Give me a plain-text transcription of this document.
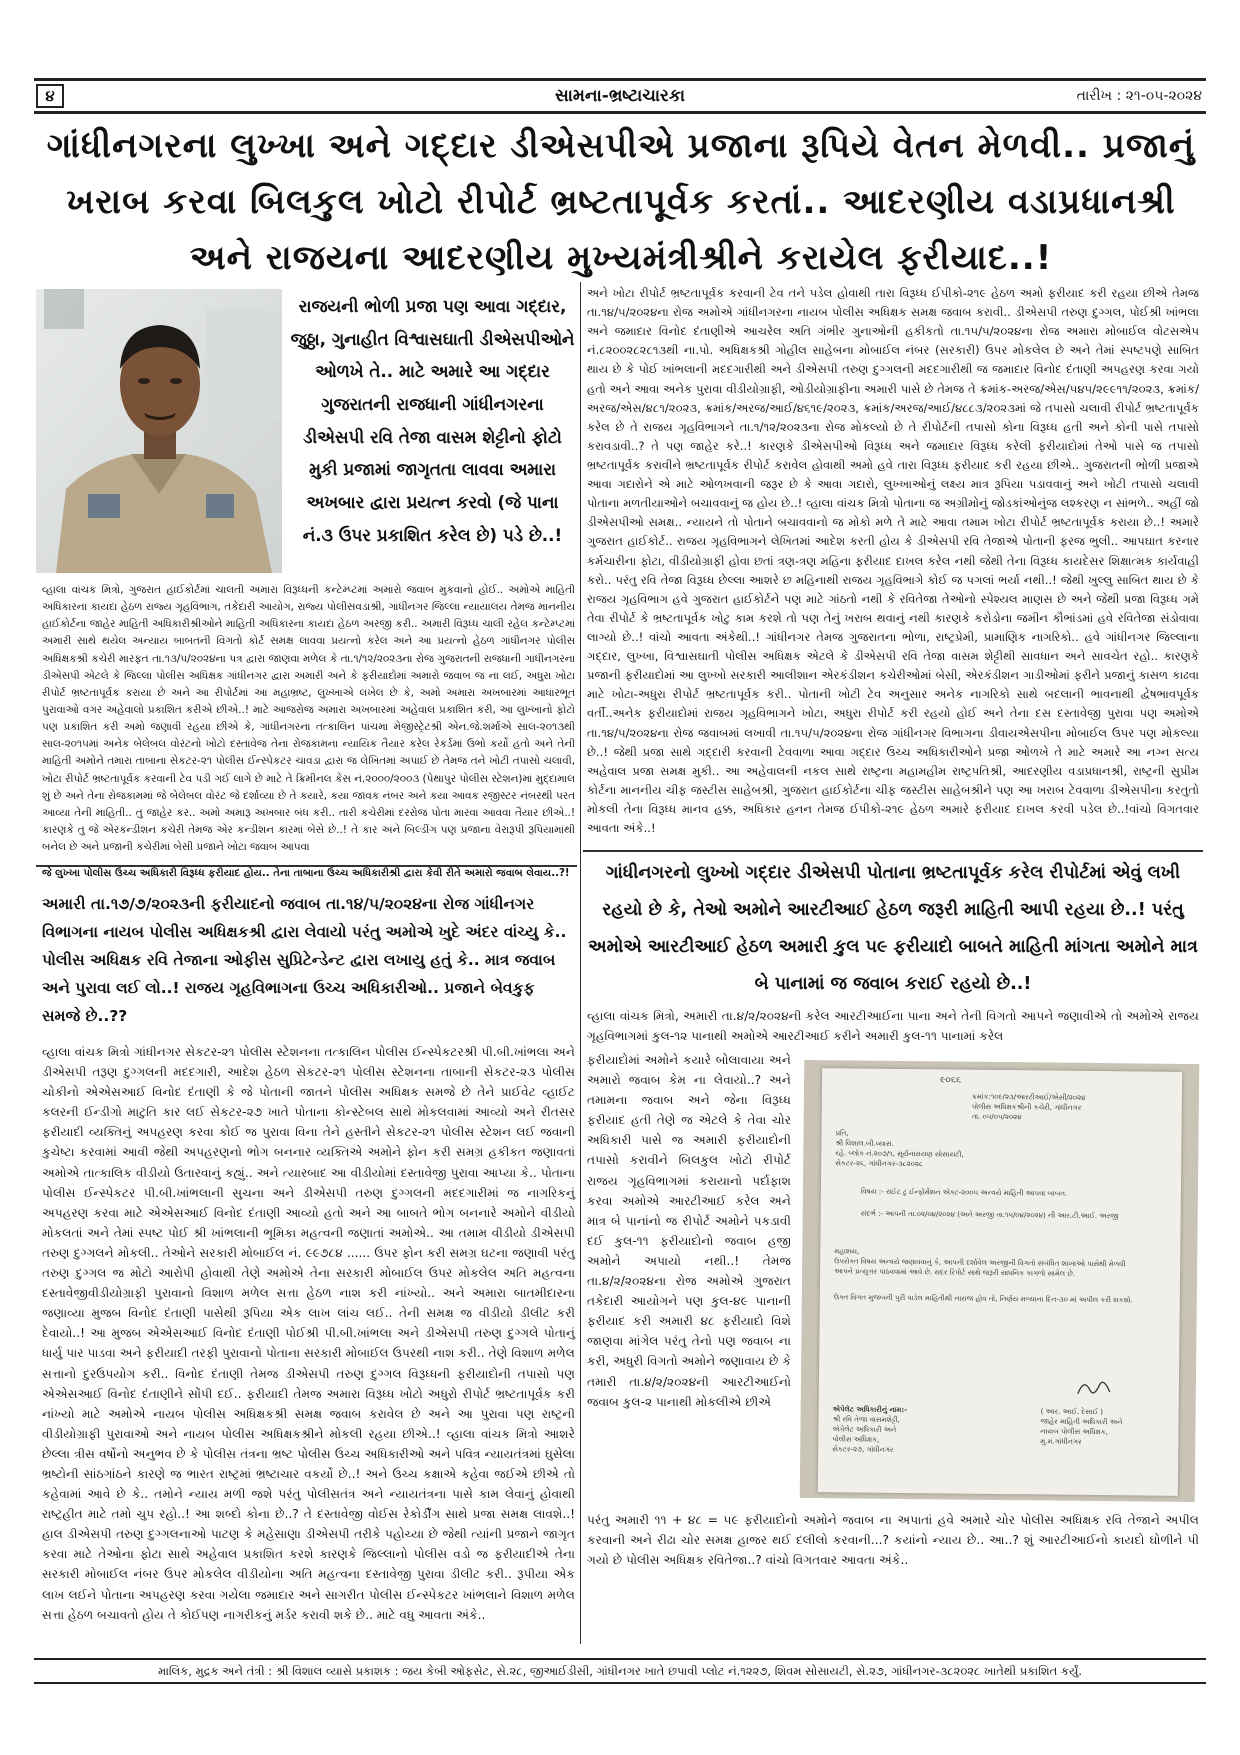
૪	સામના-ભ્રષ્ટાચારકા	તારીખ : ૨૧-૦૫-૨૦૨૪
ગાંધીનગરના લુખ્ખા અને ગદ્દાર ડીએસપીએ પ્રજાના રૂપિયે વેતન મેળવી.. પ્રજાનું
ખરાબ કરવા બિલકુલ ખોટો રીપોર્ટ ભ્રષ્ટતાપૂર્વક કરતાં.. આદરણીય વડાપ્રધાનશ્રી
અને રાજયના આદરણીય મુખ્યમંત્રીશ્રીને કરાયેલ ફરીયાદ..!
રાજયની ભોળી પ્રજા પણ આવા ગદ્દાર, જુઠ્ઠા, ગુનાહીત વિશ્વાસઘાતી ડીએસપીઓને ઓળખે તે.. માટે અમારે આ ગદ્દાર ગુજરાતની રાજધાની ગાંધીનગરના ડીએસપી રવિ તેજા વાસમ શેટ્ટીનો ફોટો મુકી પ્રજામાં જાગૃતતા લાવવા અમારા અખબાર દ્વારા પ્રયત્ન કરવો (જે પાના નં.૩ ઉપર પ્રકાશિત કરેલ છે) પડે છે..!
વ્હાલા વાંચક મિત્રો, ગુજરાત હાઈકોર્ટમાં ચાલતી અમારા વિરૂધ્ધની કન્ટેમ્પ્ટમાં અમારો જવાબ મુકવાનો હોઈ.. અમોએ માહિતી અધિકારના કાયદા હેઠળ રાજ્ય ગૃહવિભાગ, તકેદારી આયોગ, રાજ્ય પોલીસવડાશ્રી, ગાંધીનગર જિલ્લા ન્યાયાલય તેમજ માનનીય હાઈકોર્ટના જાહેર માહિતી અધિકારીશ્રીઓને માહિતી અધિકારના કાયદા હેઠળ અરજી કરી.. અમારી વિરૂધ્ધ ચાલી રહેલ કન્ટેમ્પ્ટમાં અમારી સાથે થયેલ અન્યાય બાબતની વિગતો કોર્ટ સમક્ષ લાવવા પ્રયત્નો કરેલ અને આ પ્રયત્નો હેઠળ ગાંધીનગર પોલીસ અધિક્ષકશ્રી કચેરી મારફત તા.૧૩/૫/૨૦૨૪ના પત્ર દ્વારા જાણવા મળેલ કે તા.૧/૧૨/૨૦૨૩ના રોજ ગુજરાતની રાજધાની ગાંધીનગરના ડીએસપી એટલે કે જિલ્લા પોલીસ અધિક્ષક ગાંધીનગર દ્વારા અમારી અને કે ફરીયાદોમાં અમારો જવાબ જ ના લઈ, અધુરા ખોટા રીપોર્ટ ભ્રષ્ટતાપૂર્વક કરાયા છે અને આ રીપોર્ટમાં આ મહાભ્રષ્ટ, લુખ્ખાએ લખેલ છે કે, અમો અમારા અખબારમાં આધારભૂત પુરાવાઓ વગર અહેવાલો પ્રકાશિત કરીએ છીએ..! માટે આજરોજ અમારા અખબારમાં અહેવાલ પ્રકાશિત કરી, આ લુખ્ખાનો ફોટો પણ પ્રકાશિત કરી અમો જણાવી રહયા છીએ કે, ગાંધીનગરના તત્કાલિન પાંચમા મેજીસ્ટ્રેટશ્રી એન.જે.શર્માએ સાલ-૨૦૧૩થી સાલ-૨૦૧૫માં અનેક બેલેબલ વોરંટનો ખોટો દસ્તાવેજ તેના રોજકામના ન્યાયિક તૈયાર કરેલ રેકર્ડમાં ઉભો કર્યો હતો અને તેની માહિતી અમોને તમારા તાબાના સેકટર-૨૧ પોલીસ ઈન્સ્પેકટર ચાવડા દ્વારા જ લેખિતમાં અપાઈ છે તેમજ તને ખોટી તપાસો ચલાવી, ખોટા રીપોર્ટ ભ્રષ્ટતાપૂર્વક કરવાની ટેવ પડી ગઈ લાગે છે માટે તે ક્રિમીનલ કેસ નં.૨૦૦૦/૨૦૦૩ (પેથાપુર પોલીસ સ્ટેશન)માં મુદ્દામાલ શું છે અને તેના રોજકામમાં જે બેલેબલ વોરંટ જે દર્શાવ્યા છે તે કયારે, કયા જાવક નંબર અને કયા આવક રજીસ્ટર નંબરથી પરત આવ્યા તેની માહિતી.. તુ જાહેર કર.. અમો અમારૂ અખબાર બંધ કરી.. તારી કચેરીમાં દરરોજ પોતા મારવા આવવા તૈયાર છીએ..! કારણકે તુ જે એરકન્ડીશન કચેરી તેમજ એર કન્ડીશન કારમાં બેસે છે..! તે કાર અને બિલ્ડીંગ પણ પ્રજાના વેરારૂપી રૂપિયામાંથી બનેલ છે અને પ્રજાની કચેરીમાં બેસી પ્રજાને ખોટા જવાબ આપવા
જે લુખ્ખા પોલીસ ઉચ્ચ અધિકારી વિરૂધ્ધ ફરીયાદ હોય.. તેના તાબાના ઉચ્ચ અધિકારીશ્રી દ્વારા કેવી રીતે અમારો જવાબ લેવાય..?!
અમારી તા.૧૭/૭/૨૦૨૩ની ફરીયાદનો જવાબ તા.૧૪/૫/૨૦૨૪ના રોજ ગાંધીનગર વિભાગના નાયબ પોલીસ અધિક્ષકશ્રી દ્વારા લેવાયો પરંતુ અમોએ ખુદે અંદર વાંચ્યુ કે.. પોલીસ અધિક્ષક રવિ તેજાના ઓફીસ સુપ્રિટેન્ડેન્ટ દ્વારા લખાયુ હતું કે.. માત્ર જવાબ અને પુરાવા લઈ લો..! રાજય ગૃહવિભાગના ઉચ્ચ અધિકારીઓ.. પ્રજાને બેવકુફ સમજે છે..??
વ્હાલા વાંચક મિત્રો ગાંધીનગર સેકટર-૨૧ પોલીસ સ્ટેશનના તત્કાલિન પોલીસ ઈન્સ્પેકટરશ્રી પી.બી.ખાંભલા અને ડીએસપી તરૂણ દુગ્ગલની મદદગારી, આદેશ હેઠળ સેકટર-૨૧ પોલીસ સ્ટેશનના તાબાની સેકટર-૨૩ પોલીસ ચોકીનો એએસઆઈ વિનોદ દંતાણી કે જે પોતાની જાતને પોલીસ અધિક્ષક સમજે છે તેને પ્રાઈવેટ વ્હાઈટ કલરની ઈન્ડીગો માટુતિ કાર લઈ સેકટર-૨૭ ખાતે પોતાના કોન્સ્ટેબલ સાથે મોકલવામાં આવ્યો અને રીતસર ફરીયાદી વ્યક્તિનું અપહરણ કરવા કોઈ જ પુરાવા વિના તેને હસ્તીને સેકટર-૨૧ પોલીસ સ્ટેશન લઈ જવાની કુચેષ્ટા કરવામાં આવી જેથી અપહરણનો ભોગ બનનાર વ્યક્તિએ અમોને ફોન કરી સમગ્ર હકીકત જણાવતાં અમોએ તાત્કાલિક વીડીયો ઉતારવાનું કહ્યું.. અને ત્યારબાદ આ વીડીયોમાં દસ્તાવેજી પુરાવા આપ્યા કે.. પોતાના પોલીસ ઈન્સ્પેકટર પી.બી.ખાંભલાની સુચના અને ડીએસપી તરુણ દુગ્ગલની મદદગારીમાં જ નાગરિકનું અપહરણ કરવા માટે એએસઆઈ વિનોદ દંતાણી આવ્યો હતો અને આ બાબતે ભોગ બનનારે અમોને વીડીયો મોકલતાં અને તેમાં સ્પષ્ટ પોઈ શ્રી ખાંભલાની ભૂમિકા મહત્વની જણાતાં અમોએ.. આ તમામ વીડીયો ડીએસપી તરુણ દુગ્ગલને મોકલી.. તેઓને સરકારી મોબાઈલ નં. ૯૯૭૮૪ ...... ઉપર ફોન કરી સમગ્ર ઘટના જણાવી પરંતુ તરુણ દુગ્ગલ જ મોટો આરોપી હોવાથી તેણે અમોએ તેના સરકારી મોબાઈલ ઉપર મોકલેલ અતિ મહત્વના દસ્તાવેજીવીડીયોગ્રાફી પુરાવાનો વિશાળ મળેલ સત્તા હેઠળ નાશ કરી નાંખ્યો.. અને અમારા બાતમીદારના જણાવ્યા મુજબ વિનોદ દંતાણી પાસેથી રૂપિયા એક લાખ લાંચ લઈ.. તેની સમક્ષ જ વીડીયો ડીલીટ કરી દેવાયો..! આ મુજબ એએસઆઈ વિનોદ દંતાણી પોઈશ્રી પી.બી.ખાંભલા અને ડીએસપી તરુણ દુગ્ગલે પોતાનું ધાર્યુ પાર પાડવા અને ફરીયાદી તરફી પુરાવાનો પોતાના સરકારી મોબાઈલ ઉપરથી નાશ કરી.. તેણે વિશાળ મળેલ સત્તાનો દુરઉપયોગ કરી.. વિનોદ દંતાણી તેમજ ડીએસપી તરુણ દુગ્ગલ વિરૂધ્ધની ફરીયાદોની તપાસો પણ એએસઆઈ વિનોદ દંતાણીને સોંપી દઈ.. ફરીયાદી તેમજ અમારા વિરૂધ્ધ ખોટો અધુરો રીપોર્ટ ભ્રષ્ટતાપૂર્વક કરી નાંખ્યો માટે અમોએ નાયબ પોલીસ અધિક્ષકશ્રી સમક્ષ જવાબ કરાવેલ છે અને આ પુરાવા પણ રાષ્ટ્રની વીડીયોગ્રાફી પુરાવાઓ અને નાયબ પોલીસ અધિક્ષકશ્રીને મોકલી રહયા છીએ..! વ્હાલા વાંચક મિત્રો આશરે છેલ્લા ત્રીસ વર્ષોનો અનુભવ છે કે પોલીસ તંત્રના ભ્રષ્ટ પોલીસ ઉચ્ચ અધિકારીઓ અને પવિત્ર ન્યાયતંત્રમાં ઘુસેલા ભ્રષ્ટોની સાંઠગાંઠને કારણે જ ભારત રાષ્ટ્રમાં ભ્રષ્ટાચાર વકર્યો છે..! અને ઉચ્ચ કક્ષાએ કહેવા જઈએ છીએ તો કહેવામાં આવે છે કે.. તમોને ન્યાય મળી જશે પરંતુ પોલીસતંત્ર અને ન્યાયતંત્રના પાસે કામ લેવાનું હોવાથી રાષ્ટ્રહીત માટે તમો ચુપ રહો..! આ શબ્દો કોના છે..? તે દસ્તાવેજી વોઈસ રેકોર્ડીંગ સાથે પ્રજા સમક્ષ લાવશે..! હાલ ડીએસપી તરુણ દુગ્ગલનાઓ પાટણ કે મહેસાણા ડીએસપી તરીકે પહોચ્યા છે જેથી ત્યાંની પ્રજાને જાગૃત કરવા માટે તેઓના ફોટા સાથે અહેવાલ પ્રકાશિત કરશે કારણકે જિલ્લાનો પોલીસ વડો જ ફરીયાદીએ તેના સરકારી મોબાઈલ નંબર ઉપર મોકલેલ વીડીયોના અતિ મહત્વના દસ્તાવેજી પુરાવા ડીલીટ કરી.. રૂપીયા એક લાખ લઈને પોતાના અપહરણ કરવા ગયેલા જમાદાર અને સાગરીત પોલીસ ઈન્સ્પેકટર ખાંભલાને વિશાળ મળેલ સત્તા હેઠળ બચાવતો હોય તે કોઈપણ નાગરીકનું મર્ડર કરાવી શકે છે.. માટે વધુ આવતા અંકે..
અને ખોટા રીપોર્ટ ભ્રષ્ટતાપૂર્વક કરવાની ટેવ તને પડેલ હોવાથી તારા વિરૂધ્ધ ઈપીકો-૨૧૯ હેઠળ અમો ફરીયાદ કરી રહયા છીએ તેમજ તા.૧૪/૫/૨૦૨૪ના રોજ અમોએ ગાંધીનગરના નાયબ પોલીસ અધિક્ષક સમક્ષ જવાબ કરાવી.. ડીએસપી તરુણ દુગ્ગલ, પોઈશ્રી ખાંભલા અને જમાદાર વિનોદ દંતાણીએ આચરેલ અતિ ગંભીર ગુનાઓની હકીકતો તા.૧૫/૫/૨૦૨૪ના રોજ અમારા મોબાઈલ વોટસએપ નં.૮૨૦૦૨૮૨૮૧૩થી ના.પો. અધિક્ષકશ્રી ગોહીલ સાહેબના મોબાઈલ નંબર (સરકારી) ઉપર મોકલેલ છે અને તેમાં સ્પષ્ટપણે સાબિત થાય છે કે પોઈ ખાંભલાની મદદગારીથી અને ડીએસપી તરુણ દુગ્ગલની મદદગારીથી જ જમાદાર વિનોદ દંતાણી અપહરણ કરવા ગયો હતો અને આવા અનેક પુરાવા વીડીયોગ્રાફી, ઓડીયોગ્રાફીના અમારી પાસે છે તેમજ તે ક્રમાંક-અરજ/એસ/૫૪૫/૨૯૯૧૧/૨૦૨૩, ક્રમાંક/અરજ/એસ/૪૮૧/૨૦૨૩, ક્રમાંક/અરજ/આઈ/૪૬૧૯/૨૦૨૩, ક્રમાંક/અરજ/આઈ/૪૮૮૩/૨૦૨૩માં જે તપાસો ચલાવી રીપોર્ટ ભ્રષ્ટતાપૂર્વક કરેલ છે તે રાજય ગૃહવિભાગને તા.૧/૧૨/૨૦૨૩ના રોજ મોકલ્યો છે તે રીપોર્ટની તપાસો કોના વિરૂધ્ધ હતી અને કોની પાસે તપાસો કરાવડાવી..? તે પણ જાહેર કરે..! કારણકે ડીએસપીઓ વિરૂધ્ધ અને જમાદાર વિરૂધ્ધ કરેલી ફરીયાદોમાં તેઓ પાસે જ તપાસો ભ્રષ્ટતાપૂર્વક કરાવીને ભ્રષ્ટતાપૂર્વક રીપોર્ટ કરાવેલ હોવાથી અમો હવે તારા વિરૂધ્ધ ફરીયાદ કરી રહયા છીએ.. ગુજરાતની ભોળી પ્રજાએ આવા ગદારોને એ માટે ઓળખવાની જરૂર છે કે આવા ગદારો, લુખ્ખાઓનું લક્ષ્ય માત્ર રૂપિયા પડાવવાનું અને ખોટી તપાસો ચલાવી પોતાના મળતીયાઓને બચાવવાનું જ હોય છે..! વ્હાલા વાંચક મિત્રો પોતાના જ અગ્રીમોનું જોડકાંઓનુંજ લશ્કરણ ન સાંભળે.. અહીં જો ડીએસપીઓ સમક્ષ.. ન્યાયને તો પોતાને બચાવવાનો જ મોકો મળે તે માટે આવા તમામ ખોટા રીપોર્ટ ભ્રષ્ટતાપૂર્વક કરાયા છે..! અમારે ગુજરાત હાઈકોર્ટ.. રાજય ગૃહવિભાગને લેખિતમાં આદેશ કરતી હોય કે ડીએસપી રવિ તેજાએ પોતાની ફરજ ભુલી.. આપઘાત કરનાર કર્મચારીના ફોટા, વીડીયોગ્રાફી હોવા છતાં ત્રણ-ત્રણ મહિના ફરીયાદ દાખલ કરેલ નથી જેથી તેના વિરૂધ્ધ કાયદેસર શિક્ષાત્મક કાર્યવાહી કરો.. પરંતુ રવિ તેજા વિરૂધ્ધ છેલ્લા આશરે છ મહિનાથી રાજય ગૃહવિભાગે કોઈ જ પગલાં ભર્યા નથી..! જેથી ખુલ્લુ સાબિત થાય છે કે રાજય ગૃહવિભાગ હવે ગુજરાત હાઈકોર્ટને પણ માટે ગાંઠતો નથી કે રવિતેજા તેઓનો સ્પેશ્યલ માણસ છે અને જેથી પ્રજા વિરૂધ્ધ ગમે તેવા રીપોર્ટ કે ભ્રષ્ટતાપૂર્વક ખોટુ કામ કરશે તો પણ તેનું ખરાબ થવાનું નથી કારણકે કરોડોના જમીન કૌભાંડમાં હવે રવિતેજા સંડોવાવા લાગ્યો છે..! વાંચો આવતા અંકેથી..! ગાંધીનગર તેમજ ગુજરાતના ભોળા, રાષ્ટ્રપ્રેમી, પ્રામાણિક નાગરિકો.. હવે ગાંધીનગર જિલ્લાના ગદ્દાર, લુખ્ખા, વિશ્વાસઘાતી પોલીસ અધિક્ષક એટલે કે ડીએસપી રવિ તેજા વાસમ શેટ્ટીથી સાવધાન અને સાવચેત રહો.. કારણકે પ્રજાની ફરીયાદોમાં આ લુખ્ખો સરકારી આલીશાન એરકંડીશન કચેરીઓમાં બેસી, એરકંડીશન ગાડીઓમાં ફરીને પ્રજાનું કાસળ કાઢવા માટે ખોટા-અધુરા રીપોર્ટ ભ્રષ્ટતાપૂર્વક કરી.. પોતાની ખોટી ટેવ અનુસાર અનેક નાગરિકો સાથે બદલાની ભાવનાથી દ્વેષભાવપૂર્વક વર્તી..અનેક ફરીયાદોમાં રાજય ગૃહવિભાગને ખોટા, અધુરા રીપોર્ટ કરી રહયો હોઈ અને તેના દસ દસ્તાવેજી પુરાવા પણ અમોએ તા.૧૪/૫/૨૦૨૪ના રોજ જવાબમાં લખાવી તા.૧૫/૫/૨૦૨૪ના રોજ ગાંધીનગર વિભાગના ડીવાયએસપીના મોબાઈલ ઉપર પણ મોકલ્યા છે..! જેથી પ્રજા સાથે ગદ્દારી કરવાની ટેવવાળા આવા ગદ્દાર ઉચ્ચ અધિકારીઓને પ્રજા ઓળખે તે માટે અમારે આ નગ્ન સત્ય અહેવાલ પ્રજા સમક્ષ મુકી.. આ અહેવાલની નકલ સાથે રાષ્ટ્રના મહામહીમ રાષ્ટ્રપતિશ્રી, આદરણીય વડાપ્રધાનશ્રી, રાષ્ટ્રની સુપ્રીમ કોર્ટના માનનીય ચીફ જસ્ટીસ સાહેબશ્રી, ગુજરાત હાઈકોર્ટના ચીફ જસ્ટીસ સાહેબશ્રીને પણ આ ખરાબ ટેવવાળા ડીએસપીના કરતુતો મોકલી તેના વિરૂધ્ધ માનવ હક્ક, અધિકાર હનન તેમજ ઈપીકો-૨૧૯ હેઠળ અમારે ફરીયાદ દાખલ કરવી પડેલ છે..!વાંચો વિગતવાર આવતા અંકે..!
ગાંધીનગરનો લુખ્ખો ગદ્દાર ડીએસપી પોતાના ભ્રષ્ટતાપૂર્વક કરેલ રીપોર્ટમાં એવું લખી રહયો છે કે, તેઓ અમોને આરટીઆઈ હેઠળ જરૂરી માહિતી આપી રહયા છે..! પરંતુ અમોએ આરટીઆઈ હેઠળ અમારી કુલ ૫૯ ફરીયાદો બાબતે માહિતી માંગતા અમોને માત્ર બે પાનામાં જ જવાબ કરાઈ રહયો છે..!
વ્હાલા વાંચક મિત્રો, અમારી તા.૪/૨/૨૦૨૪ની કરેલ આરટીઆઈના પાના અને તેની વિગતો આપને જણાવીએ તો અમોએ રાજય ગૃહવિભાગમાં કુલ-૧૨ પાનાથી અમોએ આરટીઆઈ કરીને અમારી કુલ-૧૧ પાનામાં કરેલ
ફરીયાદોમાં અમોને કયારે બોલાવાયા અને અમારો જવાબ કેમ ના લેવાયો..? અને તમામના જવાબ અને જેના વિરૂધ્ધ ફરીયાદ હતી તેણે જ એટલે કે તેવા ચોર અધિકારી પાસે જ અમારી ફરીયાદોની તપાસો કરાવીને બિલકુલ ખોટો રીપોર્ટ રાજય ગૃહવિભાગમાં કરાયાનો પર્દાફાશ કરવા અમોએ આરટીઆઈ કરેલ અને માત્ર બે પાનાંનો જ રીપોર્ટ અમોને પકડાવી દઈ કુલ-૧૧ ફરીયાદોનો જવાબ હજી અમોને અપાયો નથી..! તેમજ તા.૪/૨/૨૦૨૪ના રોજ અમોએ ગુજરાત તકેદારી આયોગને પણ કુલ-૪૯ પાનાની ફરીયાદ કરી અમારી ૪૮ ફરીયાદો વિશે જાણવા માંગેલ પરંતુ તેનો પણ જવાબ ના કરી, અધુરી વિગતો અમોને જણાવાય છે કે તમારી તા.૪/૨/૨૦૨૪ની આરટીઆઈનો જવાબ કુલ-૨ પાનાથી મોકલીએ છીએ
૯૦૬૬
ક્રમાંક:૧૦૯/૨૩/આરટીઆઈ/એસી/૨૦૨૪
પોલીસ અધિક્ષકશ્રીની કચેરી, ગાંધીનગર
તા. ૦૫/૦૫/૨૦૨૪
પ્રતિ,
શ્રી વિશાલ.બી.વ્યાસ.
રહે. બ્લોક નં.૨૦૭/૧, સૂર્યનારાયણ સોસાયટી,
સેકટર-૨૬, ગાંધીનગર-૩૮૨૦૨૮
વિષય :- રાઈટ ટુ ઈન્ફોર્મેશન એક્ટ-૨૦૦૫ અન્વયે માહિતી આપવા બાબત.
સંદર્ભ :- આપની તા.૦૨/૦૪/૨૦૨૪ (અને અરજી તા.૧૫/૦૪/૨૦૨૪) ની આર.ટી.આઈ. અરજી
મહાશય,
ઉપરોક્ત વિષય અન્વયે જણાવવાનું કે, આપની દર્શાવેલ અરજીની વિગતો સંબંધિત શાખાઓ પાસેથી મેળવી
આપને પ્રત્યુત્તર પાઠવવામાં આવે છે. સદર રિપોર્ટ સાથે જરૂરી સાધનિક કાગળો સામેલ છે.
ઉક્ત વિગત મુજબની પુરી પાડેલ માહિતીથી નારાજ હોવ તો, નિર્ણય મળ્યાના દિન-૩૦ માં અપીલ કરી શકશો.
એપેલેટ અધિકારીનું નામ:-
શ્રી રવિ તેજા વાસમશેટ્ટી,
એપેલેટ અધિકારી અને
પોલીસ અધિક્ષક,
સેકટર-૨૭, ગાંધીનગર
( આર. આઈ. દેસાઈ )
જાહેર માહિતી અધિકારી અને
નાયબ પોલીસ અધિક્ષક,
મુ.મ.ગાંધીનગર
પરંતુ અમારી ૧૧ + ૪૮ = ૫૯ ફરીયાદોનો અમોને જવાબ ના અપાતાં હવે અમારે ચોર પોલીસ અધિક્ષક રવિ તેજાને અપીલ કરવાની અને રીઢા ચોર સમક્ષ હાજર થઈ દલીલો કરવાની...? કયાંનો ન્યાય છે.. આ..? શું આરટીઆઈનો કાયદો ઘોળીને પી ગયો છે પોલીસ અધિક્ષક રવિતેજા..? વાંચો વિગતવાર આવતા અંકે..
માલિક, મુદ્રક અને તંત્રી : શ્રી વિશાલ વ્યાસે પ્રકાશક : જય કેબી ઓફસેટ, સે.૨૮, જીઆઈડીસી, ગાંધીનગર ખાતે છપાવી પ્લોટ નં.૧૨૨૭, શિવમ સોસાયટી, સે.૨૭, ગાંધીનગર-૩૮૨૦૨૮ ખાતેથી પ્રકાશિત કર્યું.
